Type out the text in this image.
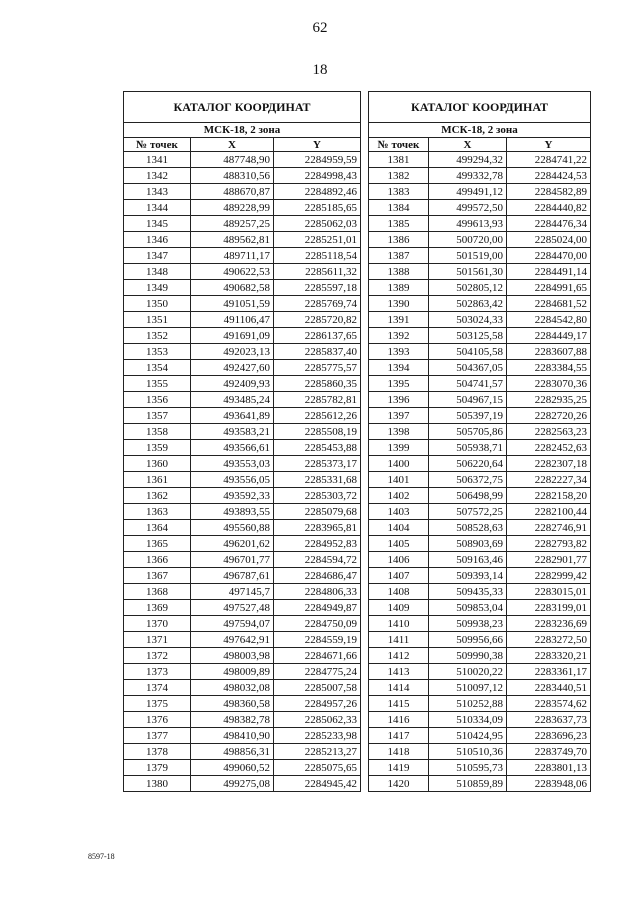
62
18
КАТАЛОГ КООРДИНАТ		
МСК-18, 2 зона		
№ точек	X	Y
1341	487748,90	2284959,59
1342	488310,56	2284998,43
1343	488670,87	2284892,46
1344	489228,99	2285185,65
1345	489257,25	2285062,03
1346	489562,81	2285251,01
1347	489711,17	2285118,54
1348	490622,53	2285611,32
1349	490682,58	2285597,18
1350	491051,59	2285769,74
1351	491106,47	2285720,82
1352	491691,09	2286137,65
1353	492023,13	2285837,40
1354	492427,60	2285775,57
1355	492409,93	2285860,35
1356	493485,24	2285782,81
1357	493641,89	2285612,26
1358	493583,21	2285508,19
1359	493566,61	2285453,88
1360	493553,03	2285373,17
1361	493556,05	2285331,68
1362	493592,33	2285303,72
1363	493893,55	2285079,68
1364	495560,88	2283965,81
1365	496201,62	2284952,83
1366	496701,77	2284594,72
1367	496787,61	2284686,47
1368	497145,7	2284806,33
1369	497527,48	2284949,87
1370	497594,07	2284750,09
1371	497642,91	2284559,19
1372	498003,98	2284671,66
1373	498009,89	2284775,24
1374	498032,08	2285007,58
1375	498360,58	2284957,26
1376	498382,78	2285062,33
1377	498410,90	2285233,98
1378	498856,31	2285213,27
1379	499060,52	2285075,65
1380	499275,08	2284945,42
КАТАЛОГ КООРДИНАТ		
МСК-18, 2 зона		
№ точек	X	Y
1381	499294,32	2284741,22
1382	499332,78	2284424,53
1383	499491,12	2284582,89
1384	499572,50	2284440,82
1385	499613,93	2284476,34
1386	500720,00	2285024,00
1387	501519,00	2284470,00
1388	501561,30	2284491,14
1389	502805,12	2284991,65
1390	502863,42	2284681,52
1391	503024,33	2284542,80
1392	503125,58	2284449,17
1393	504105,58	2283607,88
1394	504367,05	2283384,55
1395	504741,57	2283070,36
1396	504967,15	2282935,25
1397	505397,19	2282720,26
1398	505705,86	2282563,23
1399	505938,71	2282452,63
1400	506220,64	2282307,18
1401	506372,75	2282227,34
1402	506498,99	2282158,20
1403	507572,25	2282100,44
1404	508528,63	2282746,91
1405	508903,69	2282793,82
1406	509163,46	2282901,77
1407	509393,14	2282999,42
1408	509435,33	2283015,01
1409	509853,04	2283199,01
1410	509938,23	2283236,69
1411	509956,66	2283272,50
1412	509990,38	2283320,21
1413	510020,22	2283361,17
1414	510097,12	2283440,51
1415	510252,88	2283574,62
1416	510334,09	2283637,73
1417	510424,95	2283696,23
1418	510510,36	2283749,70
1419	510595,73	2283801,13
1420	510859,89	2283948,06
8597-18
